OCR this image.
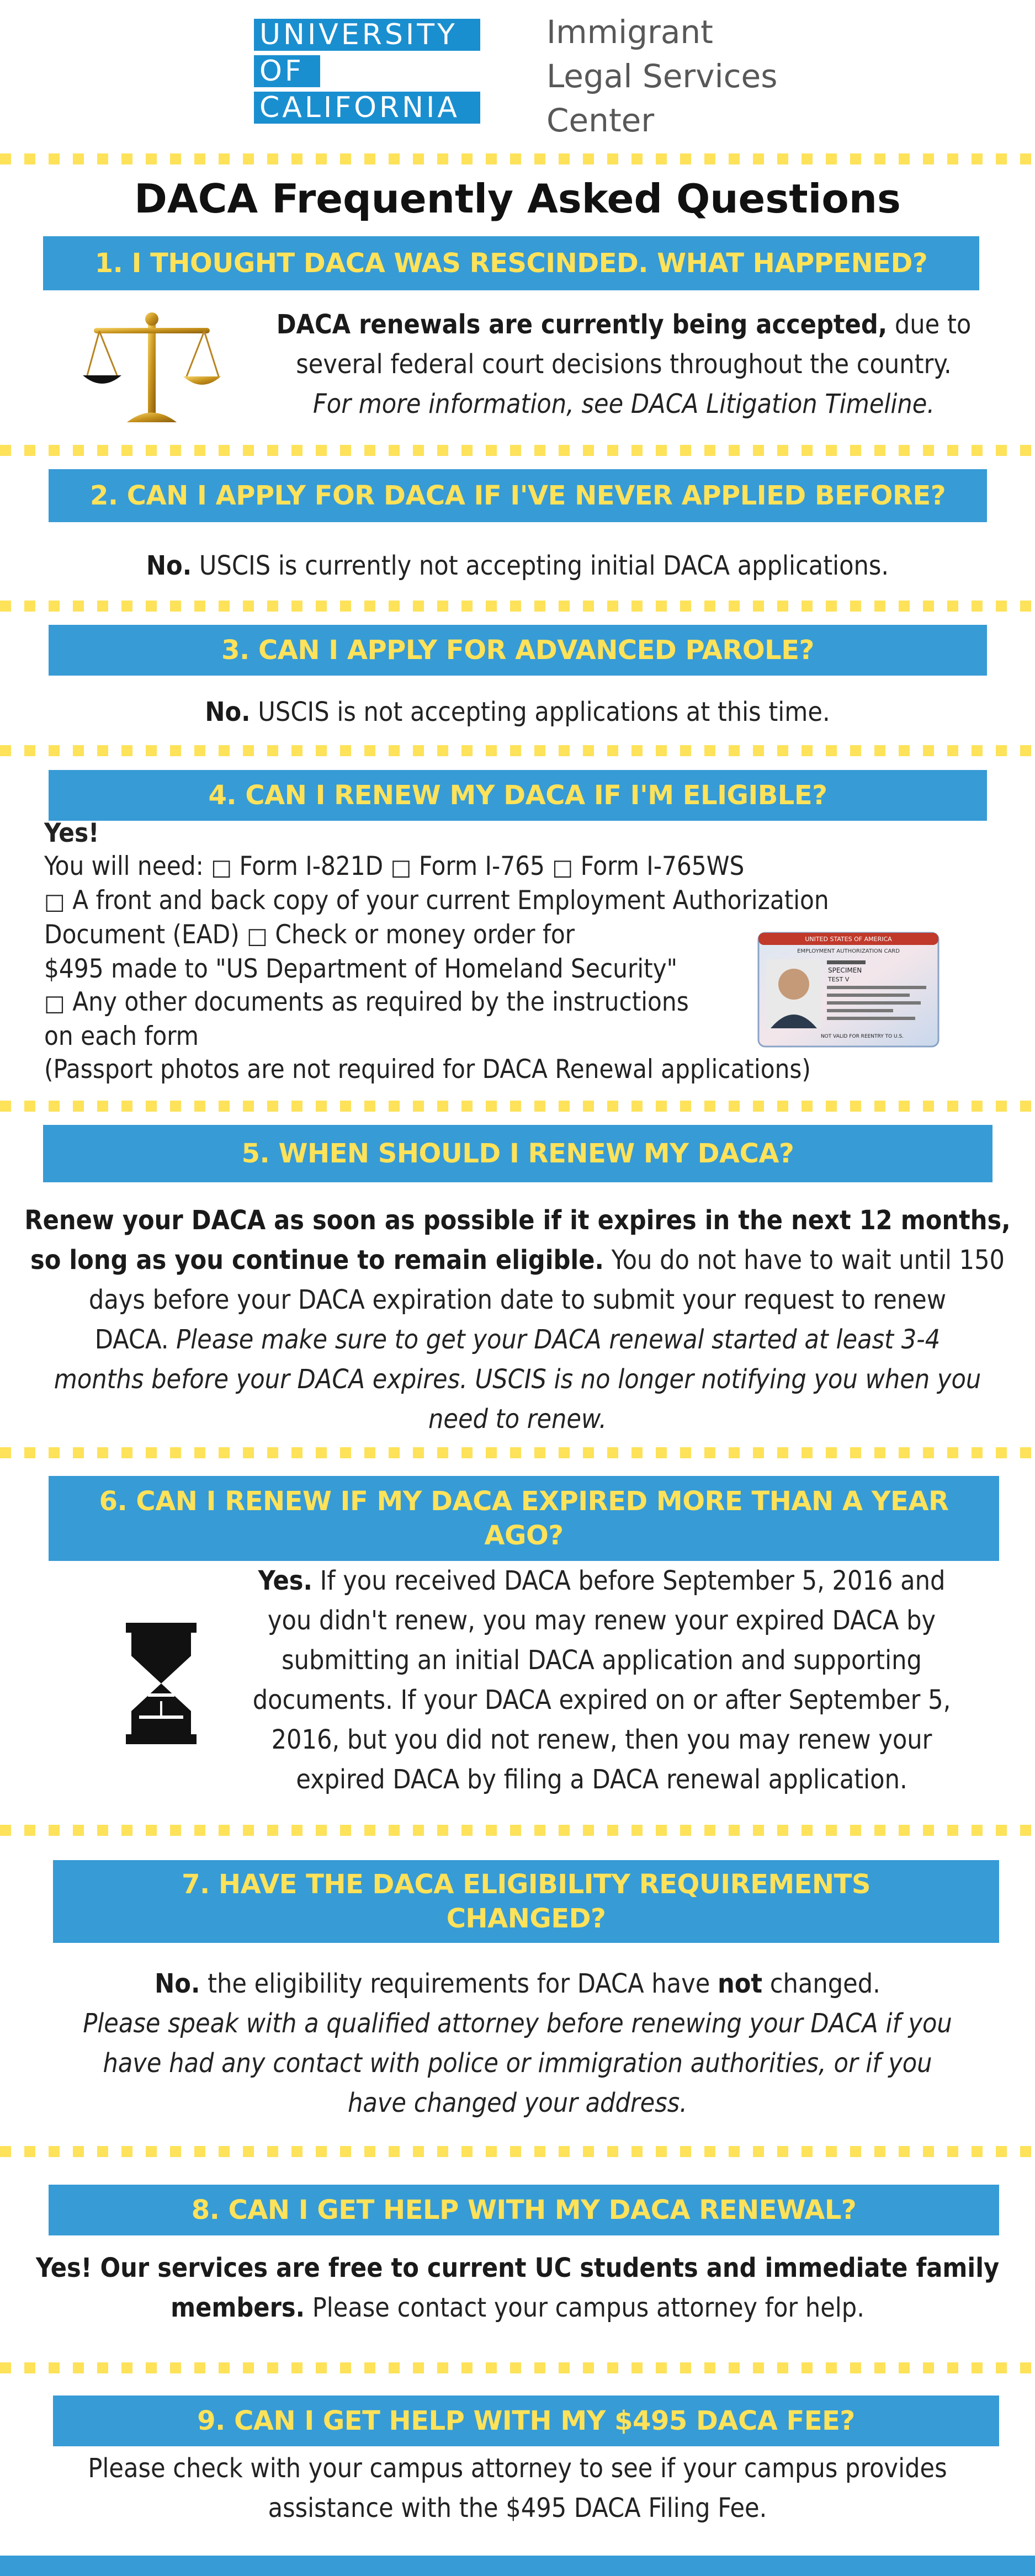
UNIVERSITY
OF
CALIFORNIA
Immigrant
Legal Services
Center
DACA Frequently Asked Questions
1. I THOUGHT DACA WAS RESCINDED. WHAT HAPPENED?
DACA renewals are currently being accepted, due to
several federal court decisions throughout the country.
For more information, see DACA Litigation Timeline.
2. CAN I APPLY FOR DACA IF I'VE NEVER APPLIED BEFORE?
No. USCIS is currently not accepting initial DACA applications.
3. CAN I APPLY FOR ADVANCED PAROLE?
No. USCIS is not accepting applications at this time.
4. CAN I RENEW MY DACA IF I'M ELIGIBLE?
Yes!
You will need: □ Form I-821D □ Form I-765 □ Form I-765WS
□ A front and back copy of your current Employment Authorization
Document (EAD) □ Check or money order for
$495 made to "US Department of Homeland Security"
□ Any other documents as required by the instructions
on each form
(Passport photos are not required for DACA Renewal applications)
UNITED STATES OF AMERICA
EMPLOYMENT AUTHORIZATION CARD
SPECIMEN
TEST V
NOT VALID FOR REENTRY TO U.S.
5. WHEN SHOULD I RENEW MY DACA?
Renew your DACA as soon as possible if it expires in the next 12 months,
so long as you continue to remain eligible. You do not have to wait until 150
days before your DACA expiration date to submit your request to renew
DACA. Please make sure to get your DACA renewal started at least 3-4
months before your DACA expires. USCIS is no longer notifying you when you
need to renew.
6. CAN I RENEW IF MY DACA EXPIRED MORE THAN A YEAR
AGO?
Yes. If you received DACA before September 5, 2016 and
you didn't renew, you may renew your expired DACA by
submitting an initial DACA application and supporting
documents. If your DACA expired on or after September 5,
2016, but you did not renew, then you may renew your
expired DACA by filing a DACA renewal application.
7. HAVE THE DACA ELIGIBILITY REQUIREMENTS
CHANGED?
No. the eligibility requirements for DACA have not changed.
Please speak with a qualified attorney before renewing your DACA if you
have had any contact with police or immigration authorities, or if you
have changed your address.
8. CAN I GET HELP WITH MY DACA RENEWAL?
Yes! Our services are free to current UC students and immediate family
members. Please contact your campus attorney for help.
9. CAN I GET HELP WITH MY $495 DACA FEE?
Please check with your campus attorney to see if your campus provides
assistance with the $495 DACA Filing Fee.
